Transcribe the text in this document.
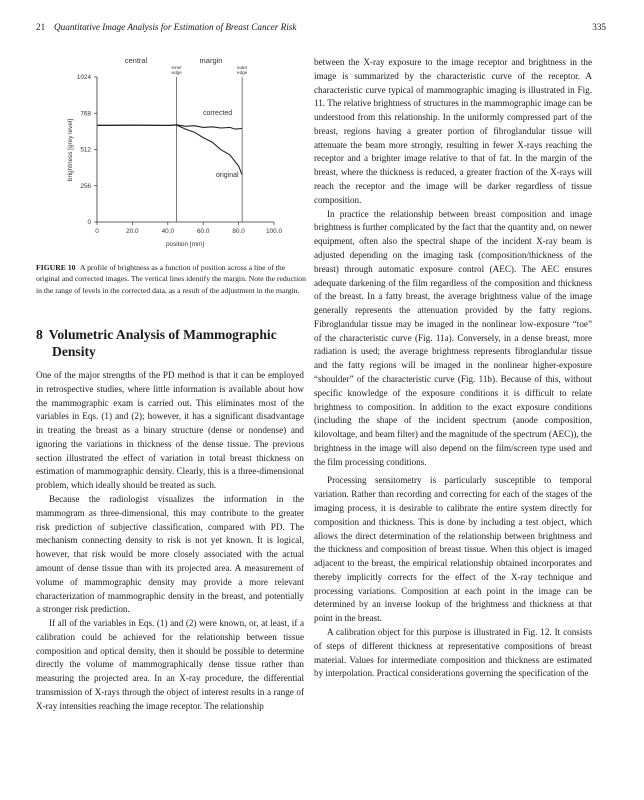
21 Quantitative Image Analysis for Estimation of Breast Cancer Risk	335
central	margin
inner
edge
outer
edge
0	20.0	40.0	60.0	80.0	100.0
0
256
512
768
1024
position [mm]
brightness [grey level]
corrected
original
FIGURE 10 A profile of brightness as a function of position across a line of the original and corrected images. The vertical lines identify the margin. Note the reduction in the range of levels in the corrected data, as a result of the adjustment in the margin.
8 Volumetric Analysis of Mammographic
Density

One of the major strengths of the PD method is that it can be employed in retrospective studies, where little information is available about how the mammographic exam is carried out. This eliminates most of the variables in Eqs. (1) and (2); however, it has a significant disadvantage in treating the breast as a binary structure (dense or nondense) and ignoring the variations in thickness of the dense tissue. The previous section illustrated the effect of variation in total breast thickness on estimation of mammographic density. Clearly, this is a three-dimensional problem, which ideally should be treated as such.

Because the radiologist visualizes the information in the mammogram as three-dimensional, this may contribute to the greater risk prediction of subjective classification, compared with PD. The mechanism connecting density to risk is not yet known. It is logical, however, that risk would be more closely associated with the actual amount of dense tissue than with its projected area. A measurement of volume of mammographic density may provide a more relevant characterization of mammographic density in the breast, and potentially a stronger risk prediction.

If all of the variables in Eqs. (1) and (2) were known, or, at least, if a calibration could be achieved for the relationship between tissue composition and optical density, then it should be possible to determine directly the volume of mammographically dense tissue rather than measuring the projected area. In an X-ray procedure, the differential transmission of X-rays through the object of interest results in a range of X-ray intensities reaching the image receptor. The relationship

between the X-ray exposure to the image receptor and brightness in the image is summarized by the characteristic curve of the receptor. A characteristic curve typical of mammographic imaging is illustrated in Fig. 11. The relative brightness of structures in the mammographic image can be understood from this relationship. In the uniformly compressed part of the breast, regions having a greater portion of fibroglandular tissue will attenuate the beam more strongly, resulting in fewer X-rays reaching the receptor and a brighter image relative to that of fat. In the margin of the breast, where the thickness is reduced, a greater fraction of the X-rays will reach the receptor and the image will be darker regardless of tissue composition.

In practice the relationship between breast composition and image brightness is further complicated by the fact that the quantity and, on newer equipment, often also the spectral shape of the incident X-ray beam is adjusted depending on the imaging task (composition/thickness of the breast) through automatic exposure control (AEC). The AEC ensures adequate darkening of the film regardless of the composition and thickness of the breast. In a fatty breast, the average brightness value of the image generally represents the attenuation provided by the fatty regions. Fibroglandular tissue may be imaged in the nonlinear low-exposure “toe” of the characteristic curve (Fig. 11a). Conversely, in a dense breast, more radiation is used; the average brightness represents fibroglandular tissue and the fatty regions will be imaged in the nonlinear higher-exposure “shoulder” of the characteristic curve (Fig. 11b). Because of this, without specific knowledge of the exposure conditions it is difficult to relate brightness to composition. In addition to the exact exposure conditions (including the shape of the incident spectrum (anode composition, kilovoltage, and beam filter) and the magnitude of the spectrum (AEC)), the brightness in the image will also depend on the film/screen type used and the film processing conditions.

Processing sensitometry is particularly susceptible to temporal variation. Rather than recording and correcting for each of the stages of the imaging process, it is desirable to calibrate the entire system directly for composition and thickness. This is done by including a test object, which allows the direct determination of the relationship between brightness and the thickness and composition of breast tissue. When this object is imaged adjacent to the breast, the empirical relationship obtained incorporates and thereby implicitly corrects for the effect of the X-ray technique and processing variations. Composition at each point in the image can be determined by an inverse lookup of the brightness and thickness at that point in the breast.

A calibration object for this purpose is illustrated in Fig. 12. It consists of steps of different thickness at representative compositions of breast material. Values for intermediate composition and thickness are estimated by interpolation. Practical considerations governing the specification of the
